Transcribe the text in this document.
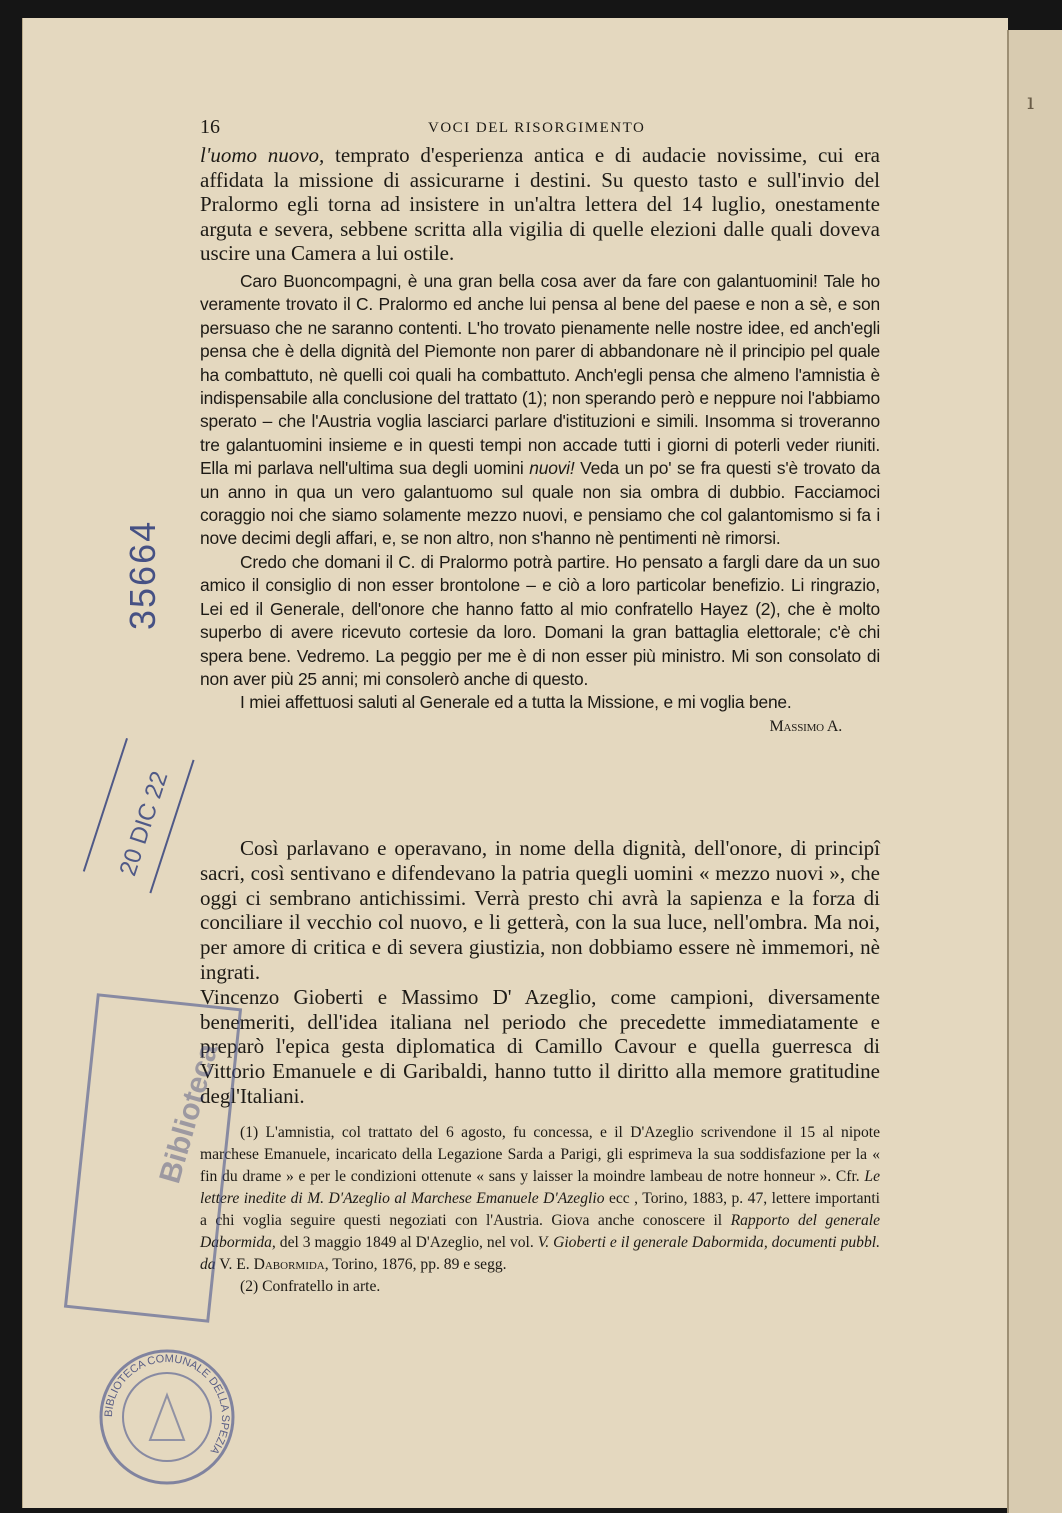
ı
16	VOCI DEL RISORGIMENTO

l'uomo nuovo, temprato d'esperienza antica e di audacie novissime, cui era affidata la missione di assicurarne i destini. Su questo tasto e sull'invio del Pralormo egli torna ad insistere in un'altra lettera del 14 luglio, onestamente arguta e severa, sebbene scritta alla vigilia di quelle elezioni dalle quali doveva uscire una Camera a lui ostile.

Caro Buoncompagni, è una gran bella cosa aver da fare con galantuomini! Tale ho veramente trovato il C. Pralormo ed anche lui pensa al bene del paese e non a sè, e son persuaso che ne saranno contenti. L'ho trovato pienamente nelle nostre idee, ed anch'egli pensa che è della dignità del Piemonte non parer di abbandonare nè il principio pel quale ha combattuto, nè quelli coi quali ha combattuto. Anch'egli pensa che almeno l'amnistia è indispensabile alla conclusione del trattato (1); non sperando però e neppure noi l'abbiamo sperato – che l'Austria voglia lasciarci parlare d'istituzioni e simili. Insomma si troveranno tre galantuomini insieme e in questi tempi non accade tutti i giorni di poterli veder riuniti. Ella mi parlava nell'ultima sua degli uomini nuovi! Veda un po' se fra questi s'è trovato da un anno in qua un vero galantuomo sul quale non sia ombra di dubbio. Facciamoci coraggio noi che siamo solamente mezzo nuovi, e pensiamo che col galantomismo si fa i nove decimi degli affari, e, se non altro, non s'hanno nè pentimenti nè rimorsi.

Credo che domani il C. di Pralormo potrà partire. Ho pensato a fargli dare da un suo amico il consiglio di non esser brontolone – e ciò a loro particolar benefizio. Li ringrazio, Lei ed il Generale, dell'onore che hanno fatto al mio confratello Hayez (2), che è molto superbo di avere ricevuto cortesie da loro. Domani la gran battaglia elettorale; c'è chi spera bene. Vedremo. La peggio per me è di non esser più ministro. Mi son consolato di non aver più 25 anni; mi consolerò anche di questo.

I miei affettuosi saluti al Generale ed a tutta la Missione, e mi voglia bene.

Massimo A.

Così parlavano e operavano, in nome della dignità, dell'onore, di principî sacri, così sentivano e difendevano la patria quegli uomini « mezzo nuovi », che oggi ci sembrano antichissimi. Verrà presto chi avrà la sapienza e la forza di conciliare il vecchio col nuovo, e li getterà, con la sua luce, nell'ombra. Ma noi, per amore di critica e di severa giustizia, non dobbiamo essere nè immemori, nè ingrati.

Vincenzo Gioberti e Massimo D' Azeglio, come campioni, diversamente benemeriti, dell'idea italiana nel periodo che precedette immediatamente e preparò l'epica gesta diplomatica di Camillo Cavour e quella guerresca di Vittorio Emanuele e di Garibaldi, hanno tutto il diritto alla memore gratitudine degl'Italiani.

(1) L'amnistia, col trattato del 6 agosto, fu concessa, e il D'Azeglio scrivendone il 15 al nipote marchese Emanuele, incaricato della Legazione Sarda a Parigi, gli esprimeva la sua soddisfazione per la « fin du drame » e per le condizioni ottenute « sans y laisser la moindre lambeau de notre honneur ». Cfr. Le lettere inedite di M. D'Azeglio al Marchese Emanuele D'Azeglio ecc , Torino, 1883, p. 47, lettere importanti a chi voglia seguire questi negoziati con l'Austria. Giova anche conoscere il Rapporto del generale Dabormida, del 3 maggio 1849 al D'Azeglio, nel vol. V. Gioberti e il generale Dabormida, documenti pubbl. da V. E. Dabormida, Torino, 1876, pp. 89 e segg.

(2) Confratello in arte.

35664
20 DIC 22
Biblioteca
BIBLIOTECA COMUNALE DELLA SPEZIA
